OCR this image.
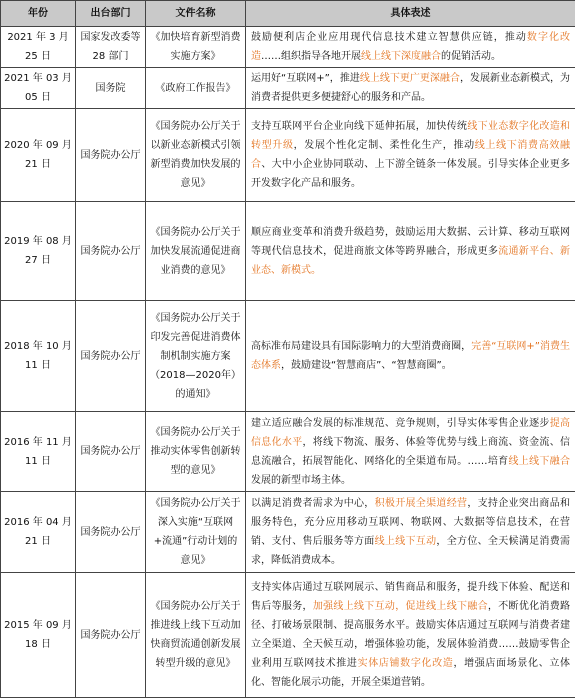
年份	出台部门	文件名称	具体表述
2021 年 3 月 25 日	国家发改委等 28 部门	《加快培育新型消费实施方案》	鼓励便利店企业应用现代信息技术建立智慧供应链，推动数字化改造……组织指导各地开展线上线下深度融合的促销活动。
2021 年 03 月 05 日	国务院	《政府工作报告》	运用好“互联网+”，推进线上线下更广更深融合，发展新业态新模式，为消费者提供更多便捷舒心的服务和产品。
2020 年 09 月 21 日	国务院办公厅	《国务院办公厅关于以新业态新模式引领新型消费加快发展的意见》	支持互联网平台企业向线下延伸拓展，加快传统线下业态数字化改造和转型升级，发展个性化定制、柔性化生产，推动线上线下消费高效融合、大中小企业协同联动、上下游全链条一体发展。引导实体企业更多开发数字化产品和服务。
2019 年 08 月 27 日	国务院办公厅	《国务院办公厅关于加快发展流通促进商业消费的意见》	顺应商业变革和消费升级趋势，鼓励运用大数据、云计算、移动互联网等现代信息技术，促进商旅文体等跨界融合，形成更多流通新平台、新业态、新模式。
2018 年 10 月 11 日	国务院办公厅	《国务院办公厅关于印发完善促进消费体制机制实施方案（2018—2020年）的通知》	高标准布局建设具有国际影响力的大型消费商圈，完善“互联网+”消费生态体系，鼓励建设“智慧商店”、“智慧商圈”。
2016 年 11 月 11 日	国务院办公厅	《国务院办公厅关于推动实体零售创新转型的意见》	建立适应融合发展的标准规范、竞争规则，引导实体零售企业逐步提高信息化水平，将线下物流、服务、体验等优势与线上商流、资金流、信息流融合，拓展智能化、网络化的全渠道布局。……培育线上线下融合发展的新型市场主体。
2016 年 04 月 21 日	国务院办公厅	《国务院办公厅关于深入实施“互联网+流通”行动计划的意见》	以满足消费者需求为中心，积极开展全渠道经营，支持企业突出商品和服务特色，充分应用移动互联网、物联网、大数据等信息技术，在营销、支付、售后服务等方面线上线下互动，全方位、全天候满足消费需求，降低消费成本。
2015 年 09 月 18 日	国务院办公厅	《国务院办公厅关于推进线上线下互动加快商贸流通创新发展转型升级的意见》	支持实体店通过互联网展示、销售商品和服务，提升线下体验、配送和售后等服务，加强线上线下互动，促进线上线下融合，不断优化消费路径、打破场景限制、提高服务水平。鼓励实体店通过互联网与消费者建立全渠道、全天候互动，增强体验功能，发展体验消费……鼓励零售企业利用互联网技术推进实体店铺数字化改造，增强店面场景化、立体化、智能化展示功能，开展全渠道营销。
